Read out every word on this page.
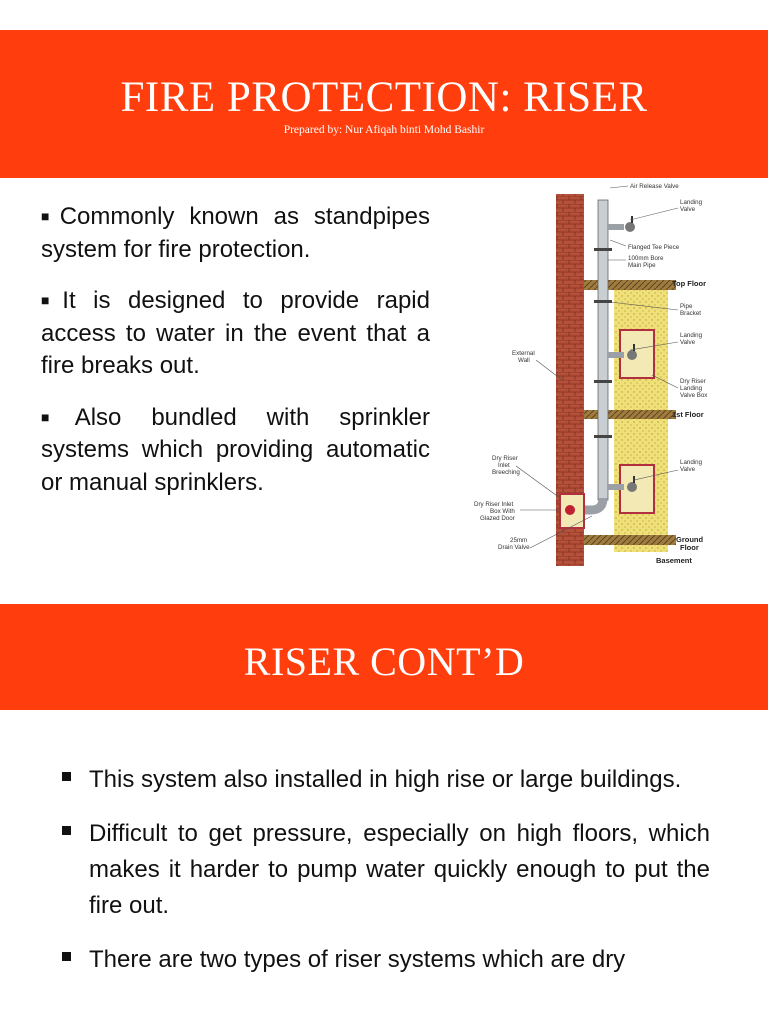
FIRE PROTECTION: RISER
Prepared by: Nur Afiqah binti Mohd Bashir

■Commonly known as standpipes system for fire protection.

■It is designed to provide rapid access to water in the event that a fire breaks out.

■Also bundled with sprinkler systems which providing automatic or manual sprinklers.

Air Release Valve
Landing
Valve
Flanged Tee Piece
100mm Bore
Main Pipe
Pipe
Bracket
Landing
Valve
External
Wall
Dry Riser
Landing
Valve Box
Dry Riser
Inlet
Breeching
Landing
Valve
Dry Riser Inlet
Box With
Glazed Door
25mm
Drain Valve
Top Floor
1st Floor
Ground
Floor
Basement
RISER CONT’D
This system also installed in high rise or large buildings.
Difficult to get pressure, especially on high floors, which makes it harder to pump water quickly enough to put the fire out.
There are two types of riser systems which are dry
